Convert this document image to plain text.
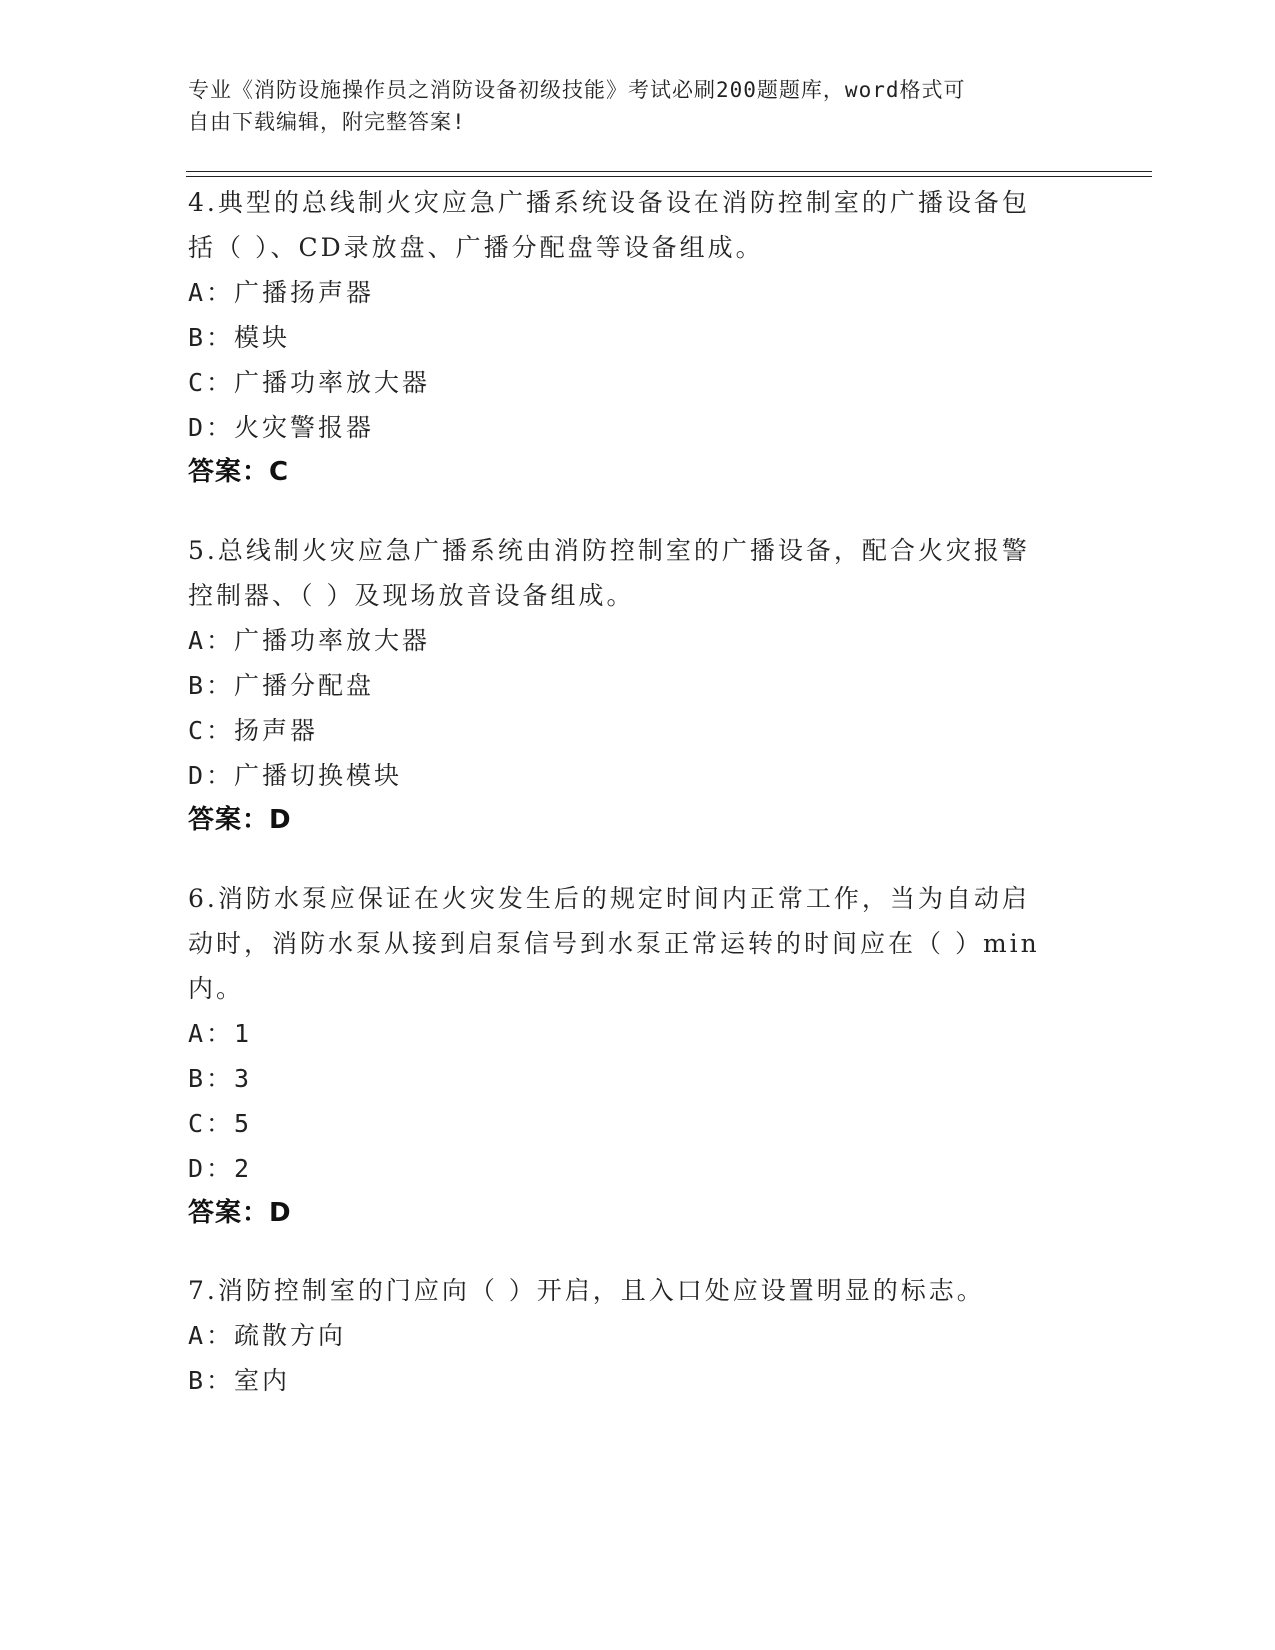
专业《消防设施操作员之消防设备初级技能》考试必刷200题题库，word格式可
自由下载编辑，附完整答案!
4.典型的总线制火灾应急广播系统设备设在消防控制室的广播设备包
括（ ）、CD录放盘、广播分配盘等设备组成。
A：广播扬声器
B：模块
C：广播功率放大器
D：火灾警报器
答案：C
5.总线制火灾应急广播系统由消防控制室的广播设备，配合火灾报警
控制器、（ ）及现场放音设备组成。
A：广播功率放大器
B：广播分配盘
C：扬声器
D：广播切换模块
答案：D
6.消防水泵应保证在火灾发生后的规定时间内正常工作，当为自动启
动时，消防水泵从接到启泵信号到水泵正常运转的时间应在（ ）min
内。
A：1
B：3
C：5
D：2
答案：D
7.消防控制室的门应向（ ）开启，且入口处应设置明显的标志。
A：疏散方向
B：室内
